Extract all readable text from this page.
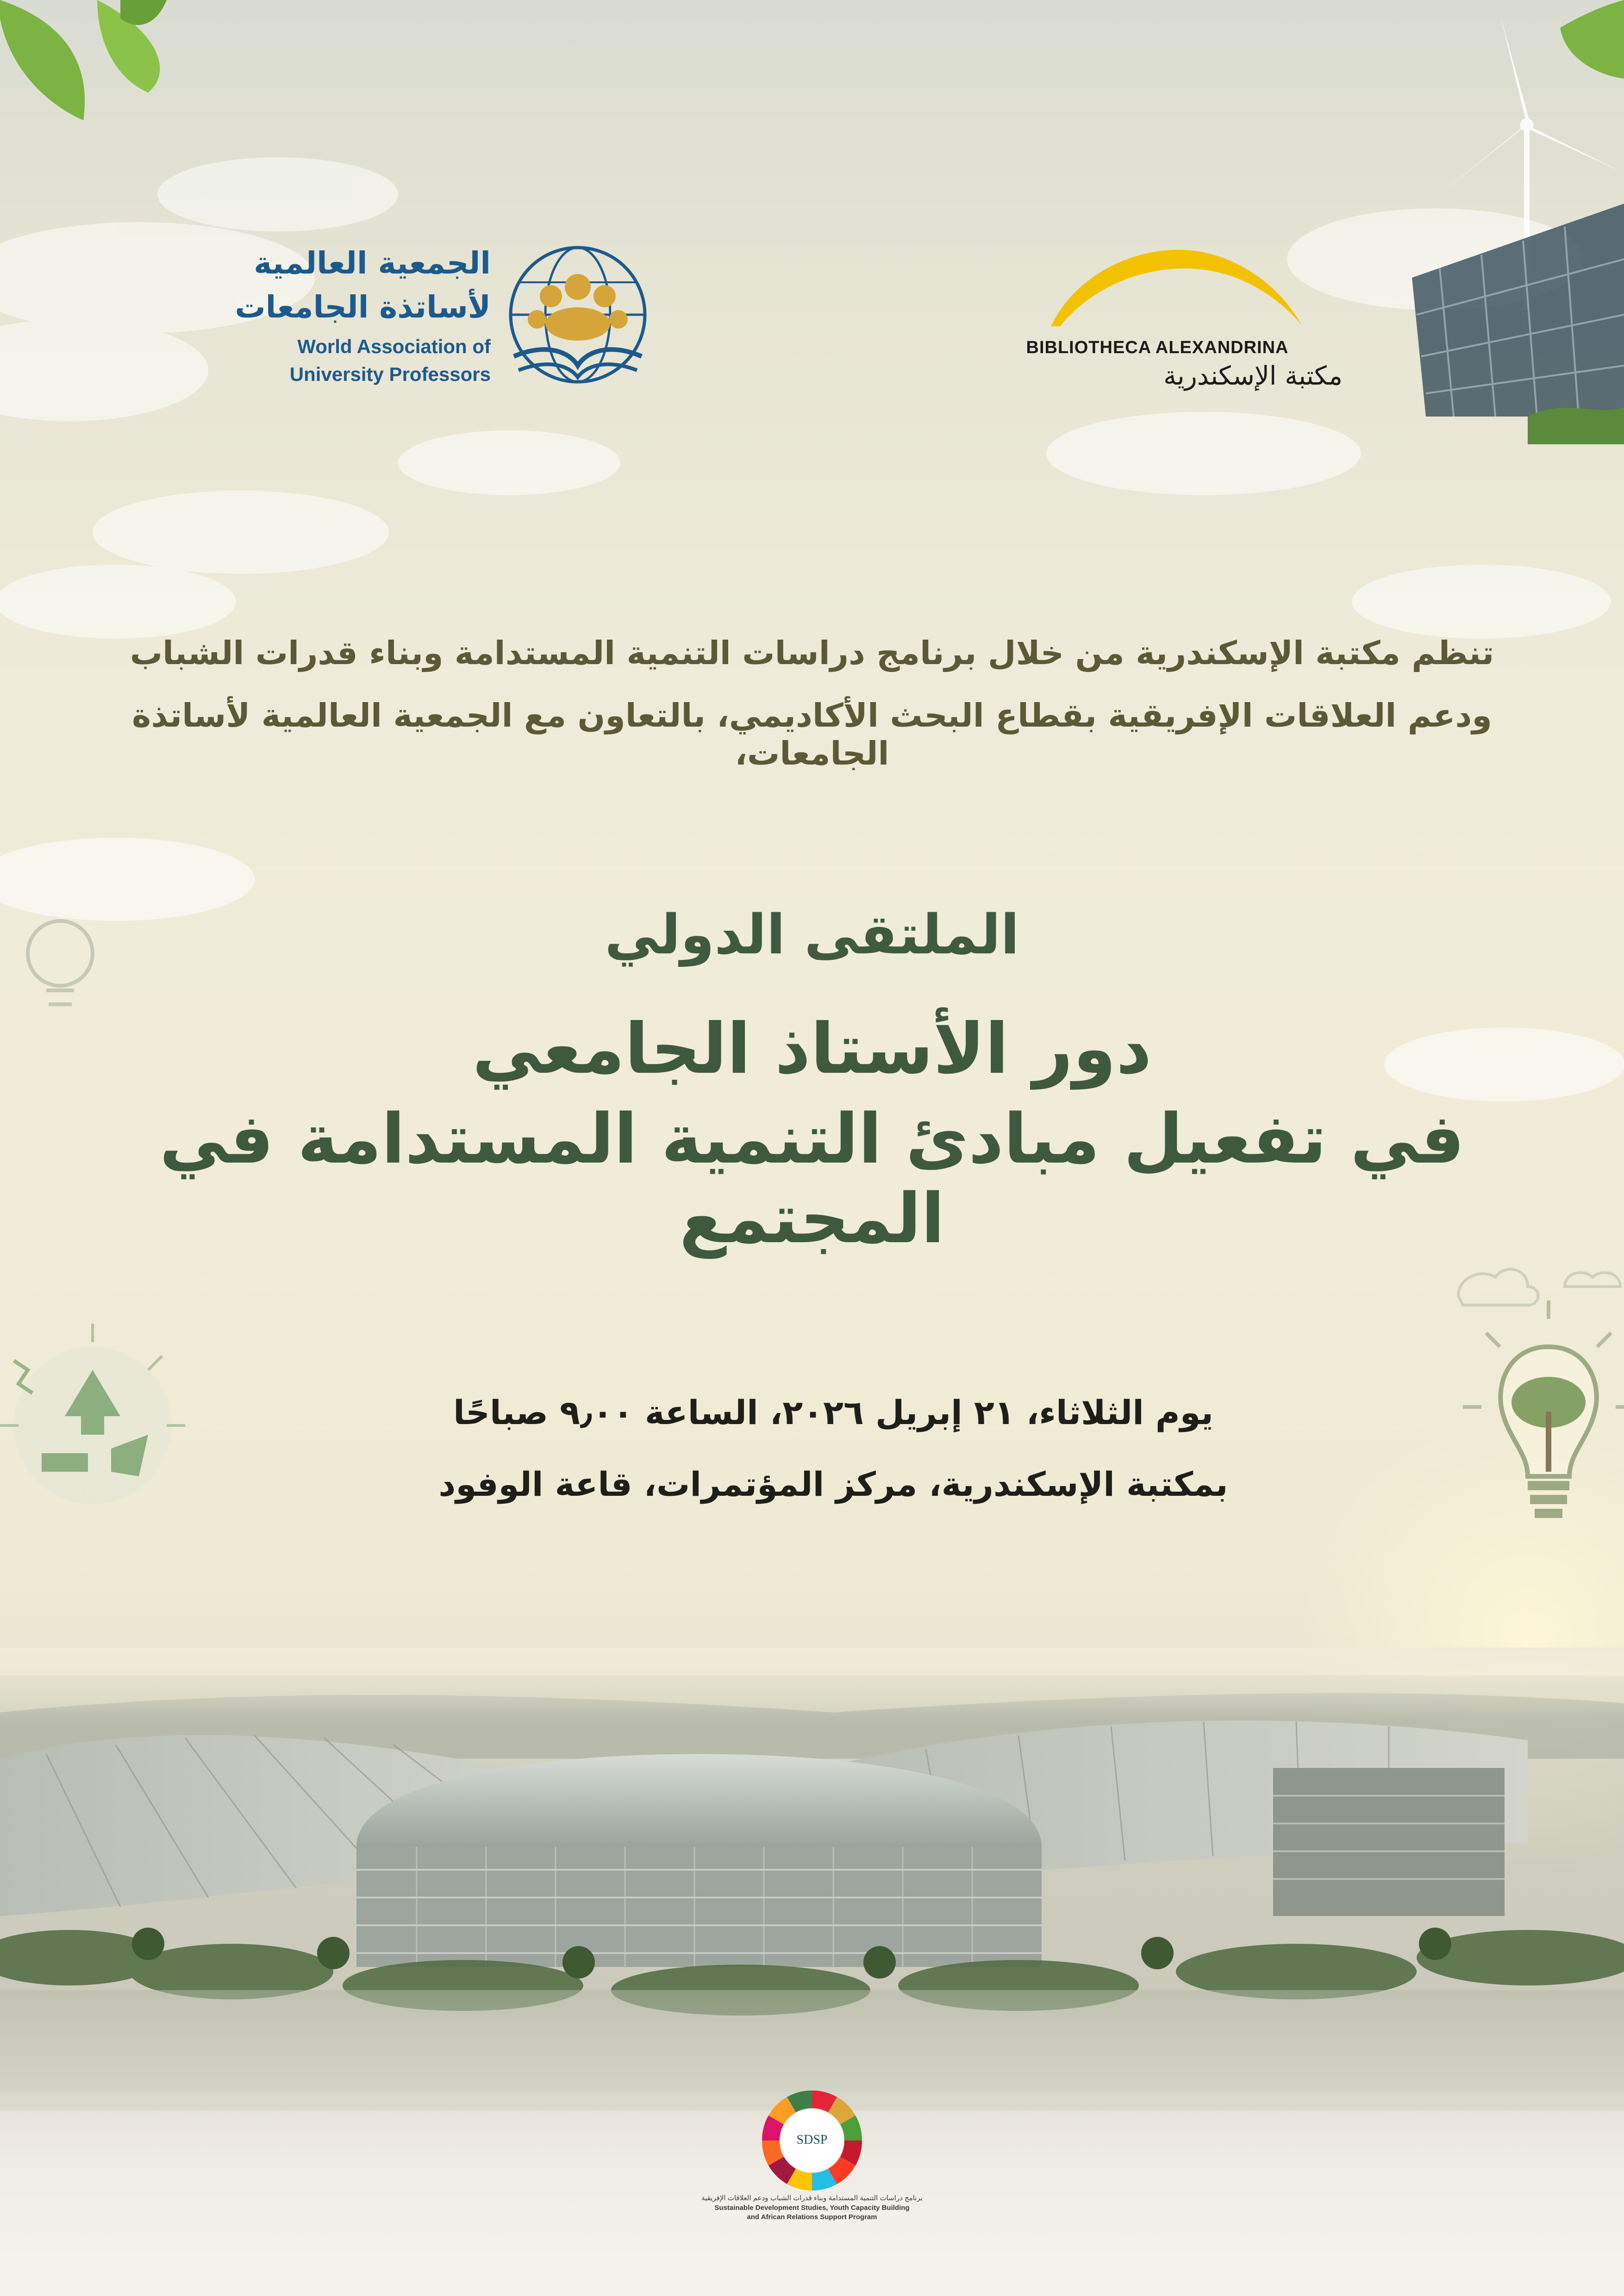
الجمعية العالمية
لأساتذة الجامعات
World Association of
University Professors
BIBLIOTHECA ALEXANDRINA
مكتبة الإسكندرية
تنظم مكتبة الإسكندرية من خلال برنامج دراسات التنمية المستدامة وبناء قدرات الشباب
ودعم العلاقات الإفريقية بقطاع البحث الأكاديمي، بالتعاون مع الجمعية العالمية لأساتذة الجامعات،
الملتقى الدولي
دور الأستاذ الجامعي
في تفعيل مبادئ التنمية المستدامة في المجتمع
يوم الثلاثاء، ٢١ إبريل ٢٠٢٦، الساعة ٩٫٠٠ صباحًا
بمكتبة الإسكندرية، مركز المؤتمرات، قاعة الوفود
SDSP
برنامج دراسات التنمية المستدامة وبناء قدرات الشباب ودعم العلاقات الإفريقية
Sustainable Development Studies, Youth Capacity Building
and African Relations Support Program
